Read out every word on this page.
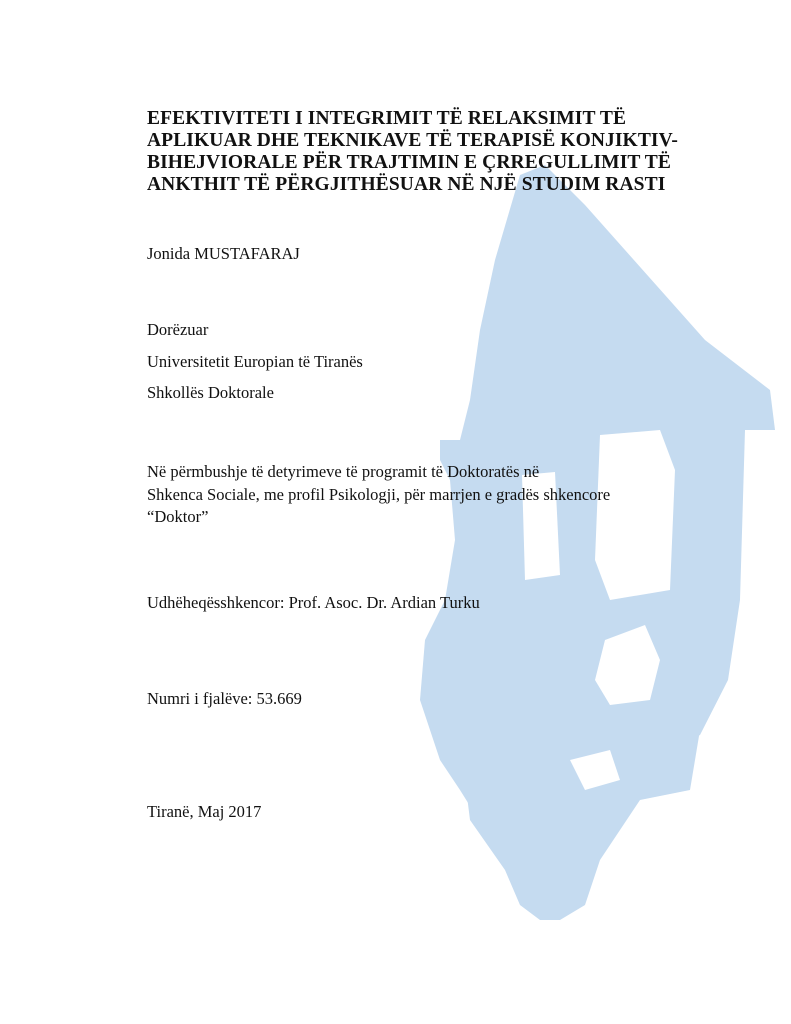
EFEKTIVITETI I INTEGRIMIT TË RELAKSIMIT TË
APLIKUAR DHE TEKNIKAVE TË TERAPISË KONJIKTIV-
BIHEJVIORALE PËR TRAJTIMIN E ÇRREGULLIMIT TË
ANKTHIT TË PËRGJITHËSUAR NË NJË STUDIM RASTI

Jonida MUSTAFARAJ

Dorëzuar

Universitetit Europian të Tiranës

Shkollës Doktorale

Në përmbushje të detyrimeve të programit të Doktoratës në

Shkenca Sociale, me profil Psikologji, për marrjen e gradës shkencore

“Doktor”

Udhëheqësshkencor: Prof. Asoc. Dr. Ardian Turku

Numri i fjalëve: 53.669

Tiranë, Maj 2017
